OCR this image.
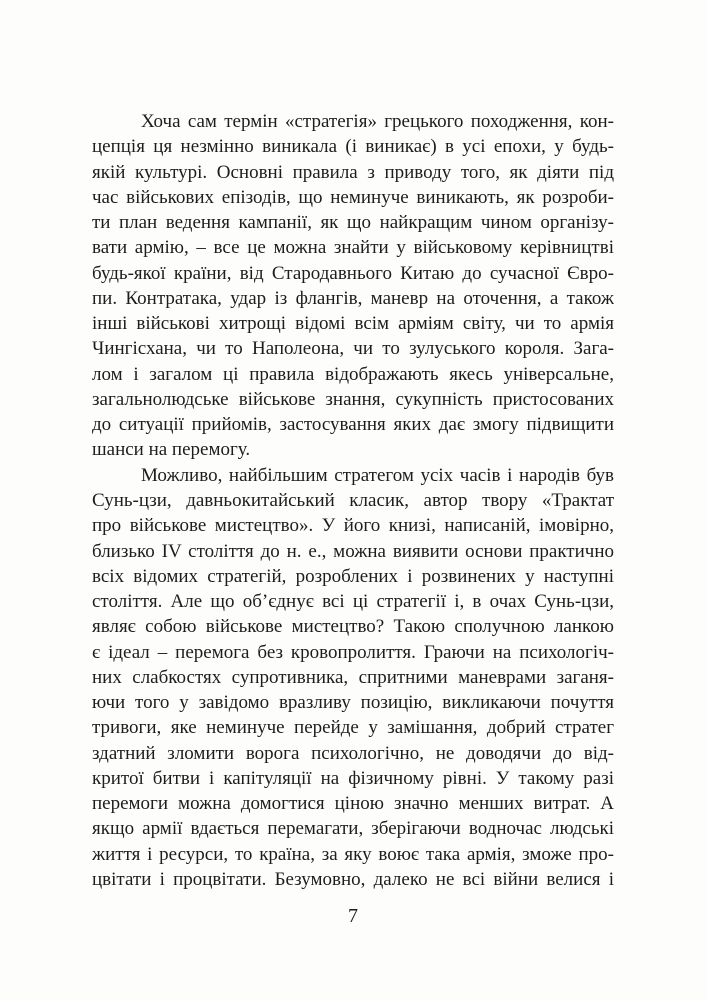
Хоча сам термін «стратегія» грецького походження, кон-
цепція ця незмінно виникала (і виникає) в усі епохи, у будь-
якій культурі. Основні правила з приводу того, як діяти під
час військових епізодів, що неминуче виникають, як розроби-
ти план ведення кампанії, як що найкращим чином організу-
вати армію, – все це можна знайти у військовому керівництві
будь-якої країни, від Стародавнього Китаю до сучасної Євро-
пи. Контратака, удар із флангів, маневр на оточення, а також
інші військові хитрощі відомі всім арміям світу, чи то армія
Чингісхана, чи то Наполеона, чи то зулуського короля. Зага-
лом і загалом ці правила відображають якесь універсальне,
загальнолюдське військове знання, сукупність пристосованих
до ситуації прийомів, застосування яких дає змогу підвищити
шанси на перемогу.
Можливо, найбільшим стратегом усіх часів і народів був
Сунь-цзи, давньокитайський класик, автор твору «Трактат
про військове мистецтво». У його книзі, написаній, імовірно,
близько IV століття до н. е., можна виявити основи практично
всіх відомих стратегій, розроблених і розвинених у наступні
століття. Але що об’єднує всі ці стратегії і, в очах Сунь-цзи,
являє собою військове мистецтво? Такою сполучною ланкою
є ідеал – перемога без кровопролиття. Граючи на психологіч-
них слабкостях супротивника, спритними маневрами заганя-
ючи того у завідомо вразливу позицію, викликаючи почуття
тривоги, яке неминуче перейде у замішання, добрий стратег
здатний зломити ворога психологічно, не доводячи до від-
критої битви і капітуляції на фізичному рівні. У такому разі
перемоги можна домогтися ціною значно менших витрат. А
якщо армії вдається перемагати, зберігаючи водночас людські
життя і ресурси, то країна, за яку воює така армія, зможе про-
цвітати і процвітати. Безумовно, далеко не всі війни велися і
7
